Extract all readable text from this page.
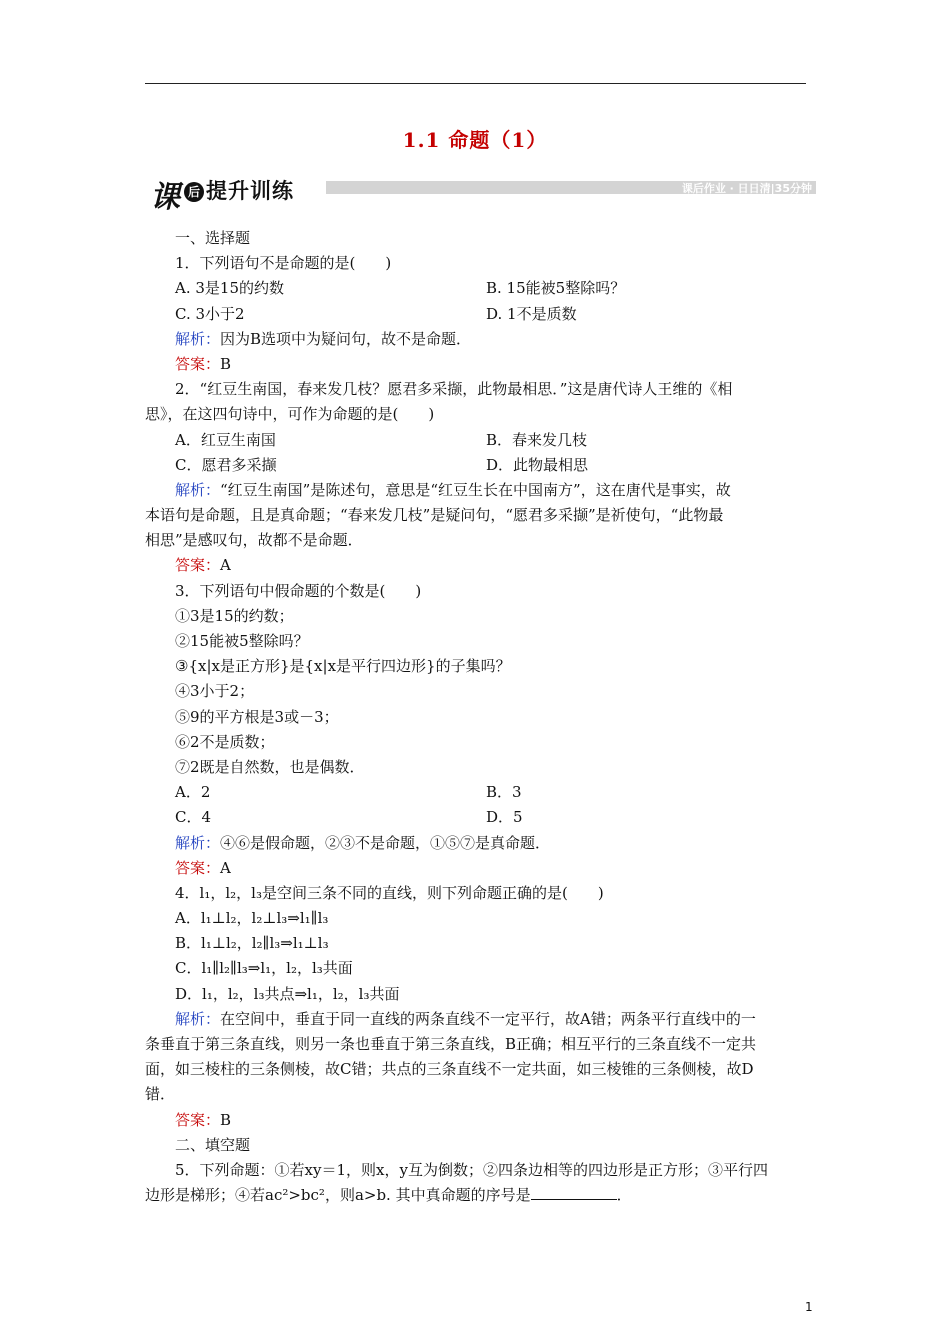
1.1 命题（1）
课 后 提升训练	课后作业 · 日日清|35分钟
一、选择题
1．下列语句不是命题的是(　　)
A. 3是15的约数	B. 15能被5整除吗？
C. 3小于2	D. 1不是质数
解析：因为B选项中为疑问句，故不是命题．
答案：B
2．“红豆生南国，春来发几枝？愿君多采撷，此物最相思．”这是唐代诗人王维的《相
思》，在这四句诗中，可作为命题的是(　　)
A．红豆生南国	B．春来发几枝
C．愿君多采撷	D．此物最相思
解析：“红豆生南国”是陈述句，意思是“红豆生长在中国南方”，这在唐代是事实，故
本语句是命题，且是真命题；“春来发几枝”是疑问句，“愿君多采撷”是祈使句，“此物最
相思”是感叹句，故都不是命题．
答案：A
3．下列语句中假命题的个数是(　　)
①3是15的约数；
②15能被5整除吗？
③{x|x是正方形}是{x|x是平行四边形}的子集吗？
④3小于2；
⑤9的平方根是3或－3；
⑥2不是质数；
⑦2既是自然数，也是偶数．
A．2	B．3
C．4	D．5
解析：④⑥是假命题，②③不是命题，①⑤⑦是真命题．
答案：A
4．l₁，l₂，l₃是空间三条不同的直线，则下列命题正确的是(　　)
A．l₁⊥l₂，l₂⊥l₃⇒l₁∥l₃
B．l₁⊥l₂，l₂∥l₃⇒l₁⊥l₃
C．l₁∥l₂∥l₃⇒l₁，l₂，l₃共面
D．l₁，l₂，l₃共点⇒l₁，l₂，l₃共面
解析：在空间中，垂直于同一直线的两条直线不一定平行，故A错；两条平行直线中的一
条垂直于第三条直线，则另一条也垂直于第三条直线，B正确；相互平行的三条直线不一定共
面，如三棱柱的三条侧棱，故C错；共点的三条直线不一定共面，如三棱锥的三条侧棱，故D
错．
答案：B
二、填空题
5．下列命题：①若xy＝1，则x，y互为倒数；②四条边相等的四边形是正方形；③平行四
边形是梯形；④若ac²>bc²，则a>b. 其中真命题的序号是	．
1
